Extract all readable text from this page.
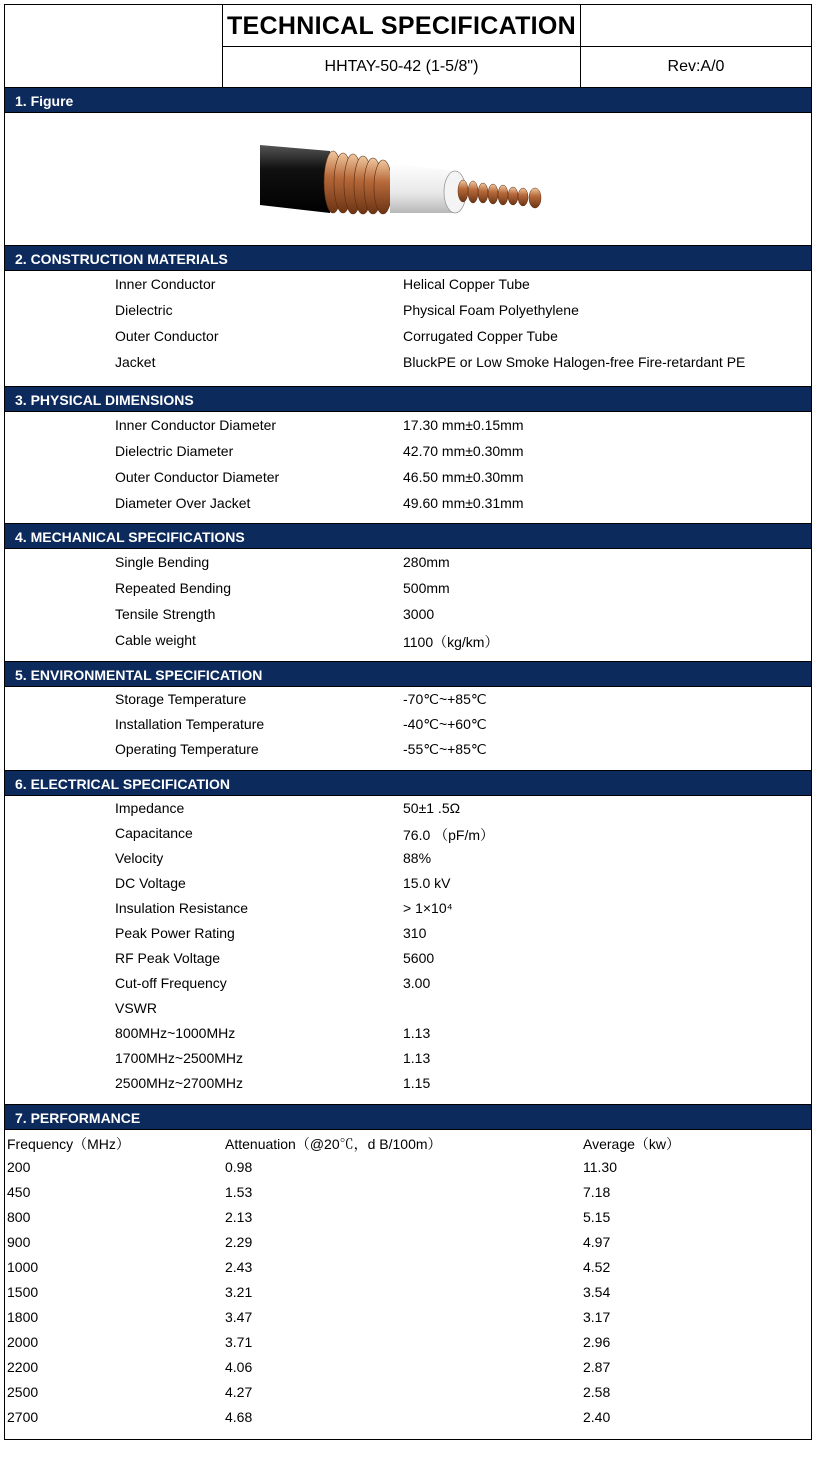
TECHNICAL SPECIFICATION
HHTAY-50-42 (1-5/8")	Rev:A/0
1. Figure
2. CONSTRUCTION MATERIALS
Inner Conductor	Helical Copper Tube
Dielectric	Physical Foam Polyethylene
Outer Conductor	Corrugated Copper Tube
Jacket	BluckPE or Low Smoke Halogen-free Fire-retardant PE
3. PHYSICAL DIMENSIONS
Inner Conductor Diameter	17.30 mm±0.15mm
Dielectric Diameter	42.70 mm±0.30mm
Outer Conductor Diameter	46.50 mm±0.30mm
Diameter Over Jacket	49.60 mm±0.31mm
4. MECHANICAL SPECIFICATIONS
Single Bending	280mm
Repeated Bending	500mm
Tensile Strength	3000
Cable weight	1100（kg/km）
5. ENVIRONMENTAL SPECIFICATION
Storage Temperature	-70℃~+85℃
Installation Temperature	-40℃~+60℃
Operating Temperature	-55℃~+85℃
6. ELECTRICAL SPECIFICATION
Impedance	50±1 .5Ω
Capacitance	76.0 （pF/m）
Velocity	88%
DC Voltage	15.0 kV
Insulation Resistance	> 1×10⁴
Peak Power Rating	310
RF Peak Voltage	5600
Cut-off Frequency	3.00
VSWR
800MHz~1000MHz	1.13
1700MHz~2500MHz	1.13
2500MHz~2700MHz	1.15
7. PERFORMANCE
Frequency（MHz）	Attenuation（@20℃，d B/100m）	Average（kw）
200	0.98	11.30
450	1.53	7.18
800	2.13	5.15
900	2.29	4.97
1000	2.43	4.52
1500	3.21	3.54
1800	3.47	3.17
2000	3.71	2.96
2200	4.06	2.87
2500	4.27	2.58
2700	4.68	2.40
